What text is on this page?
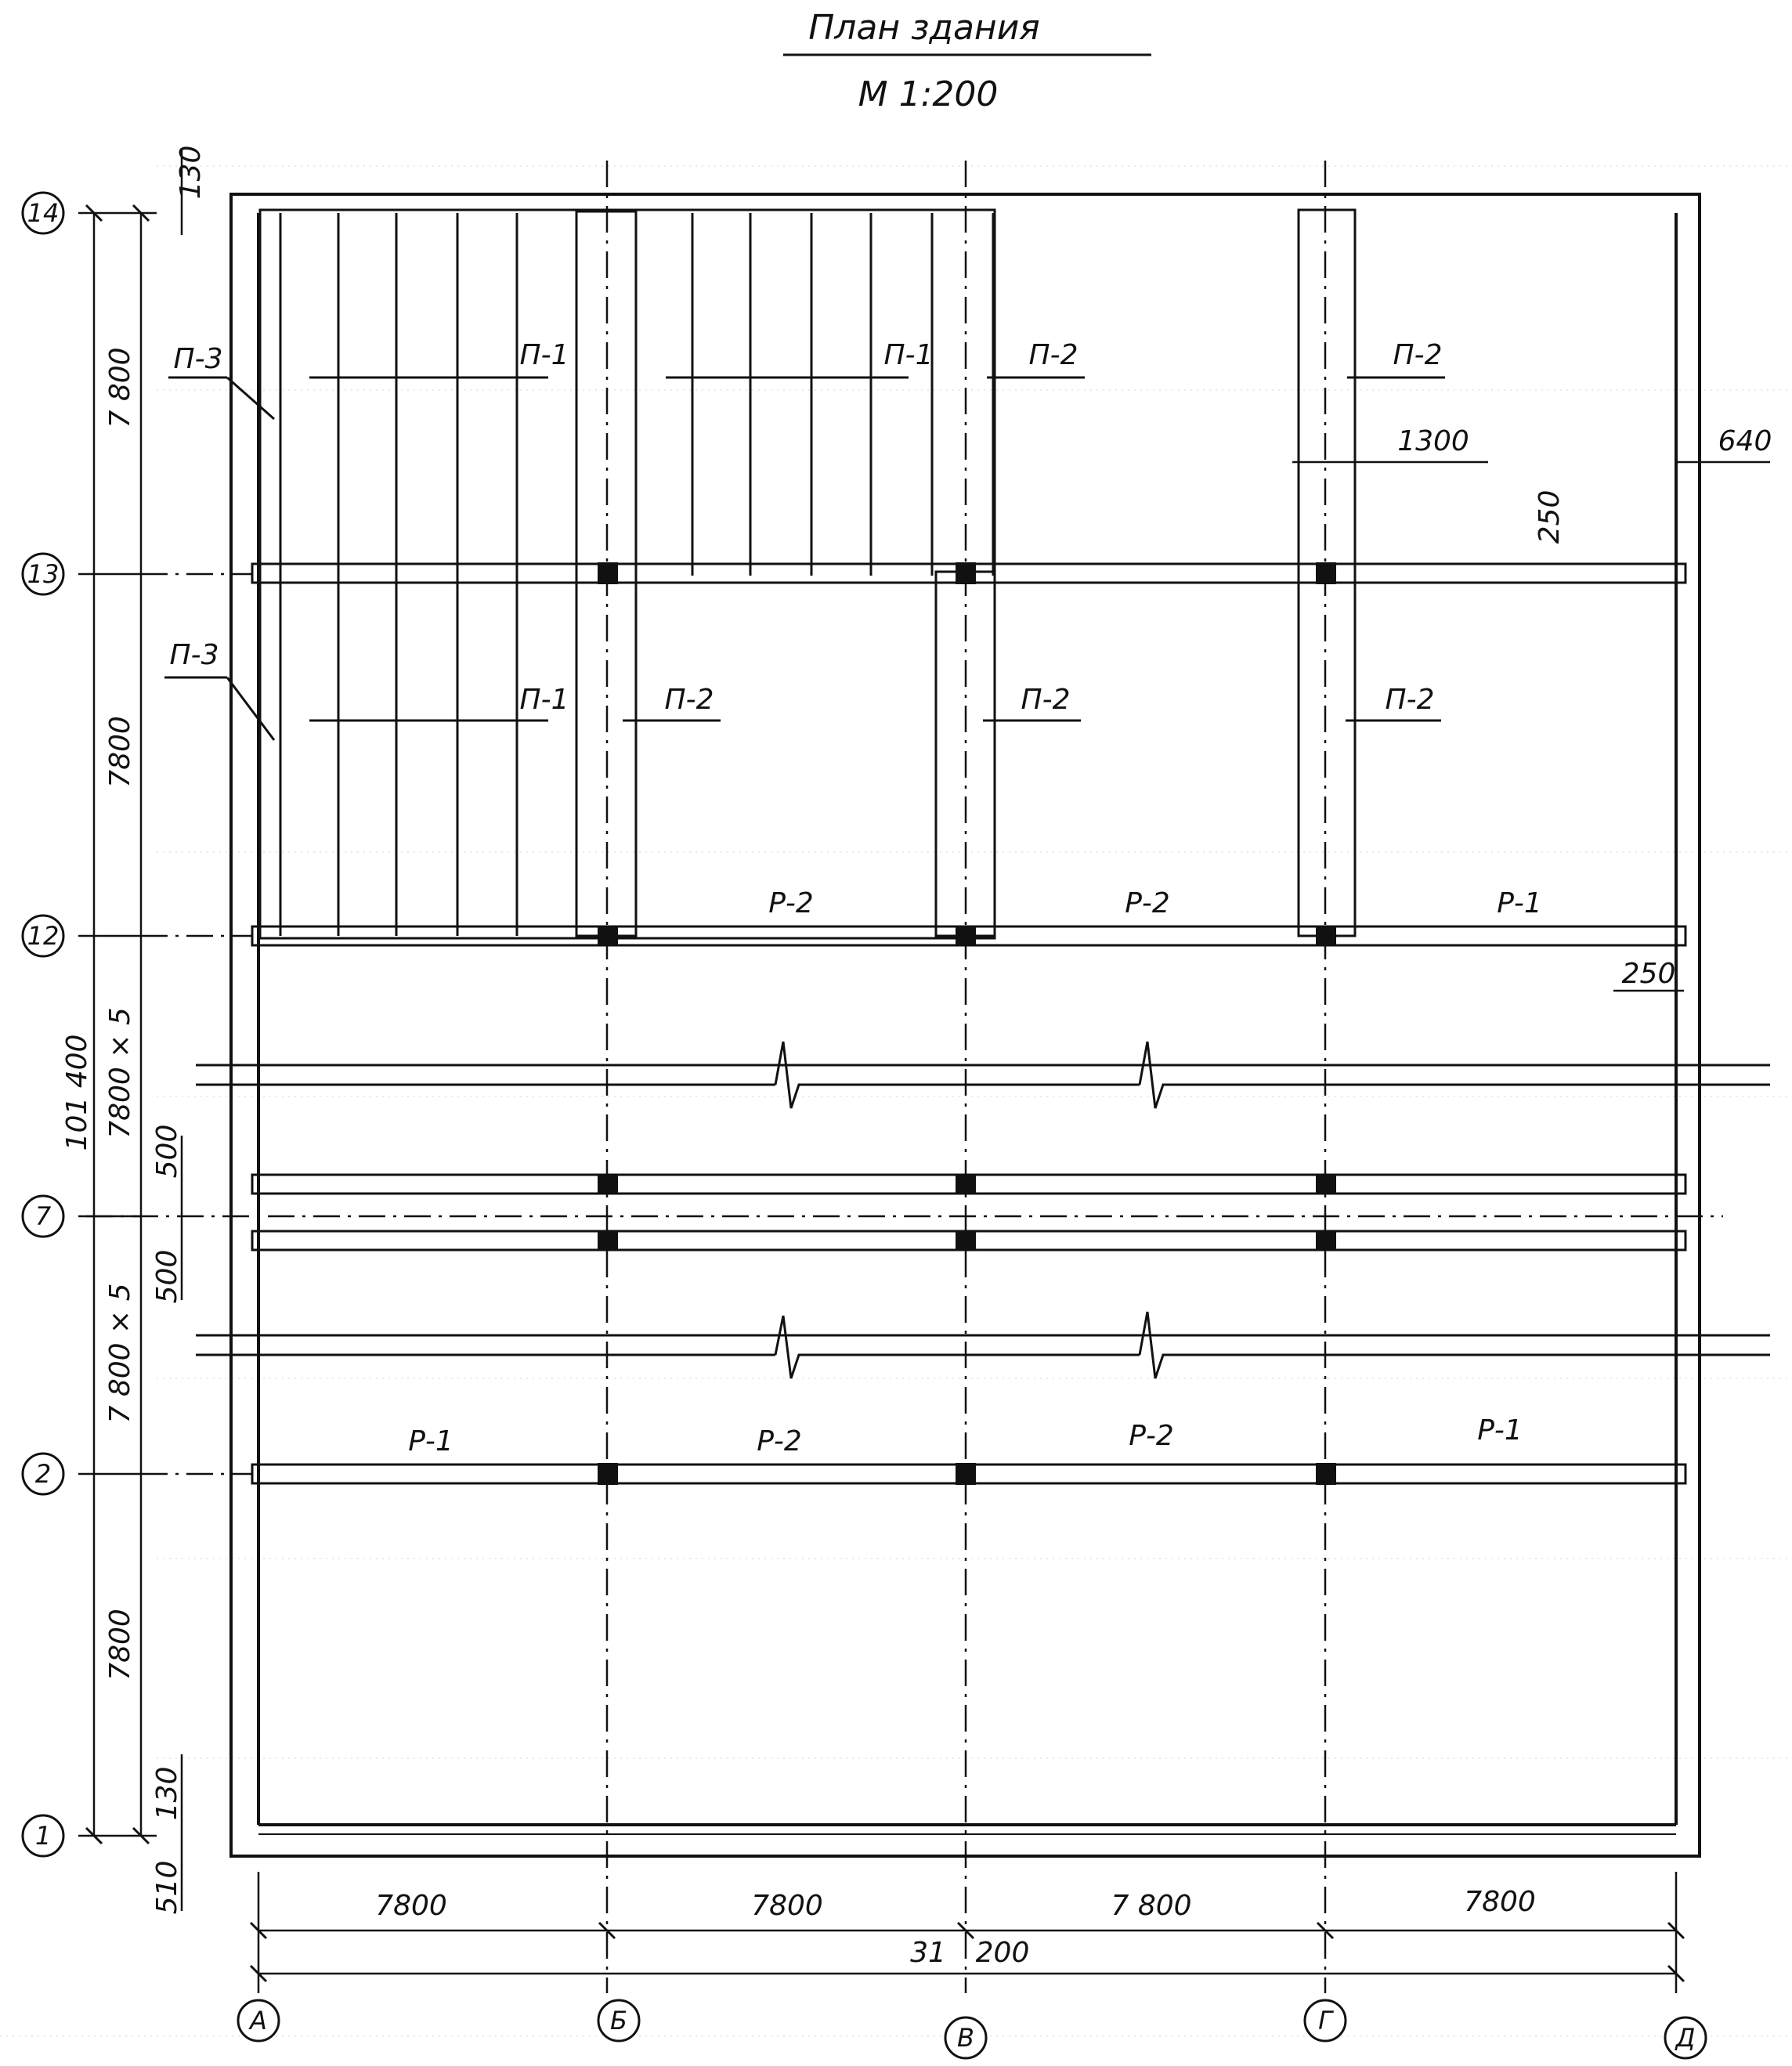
План здания
М 1:200
14
13
12
7
2
1
А	Б
В
Г
Д
П-3
П-3
П-1	П-1
П-1
П-2	П-2
П-2	П-2	П-2
Р-2	Р-2	Р-1
Р-1	Р-2	Р-2	Р-1
7 800
7800
7800
7800 × 5
7 800 × 5
101 400
130
130
510
500
500
250
1300	640
250
7800	7800	7 800	7800
31 200
